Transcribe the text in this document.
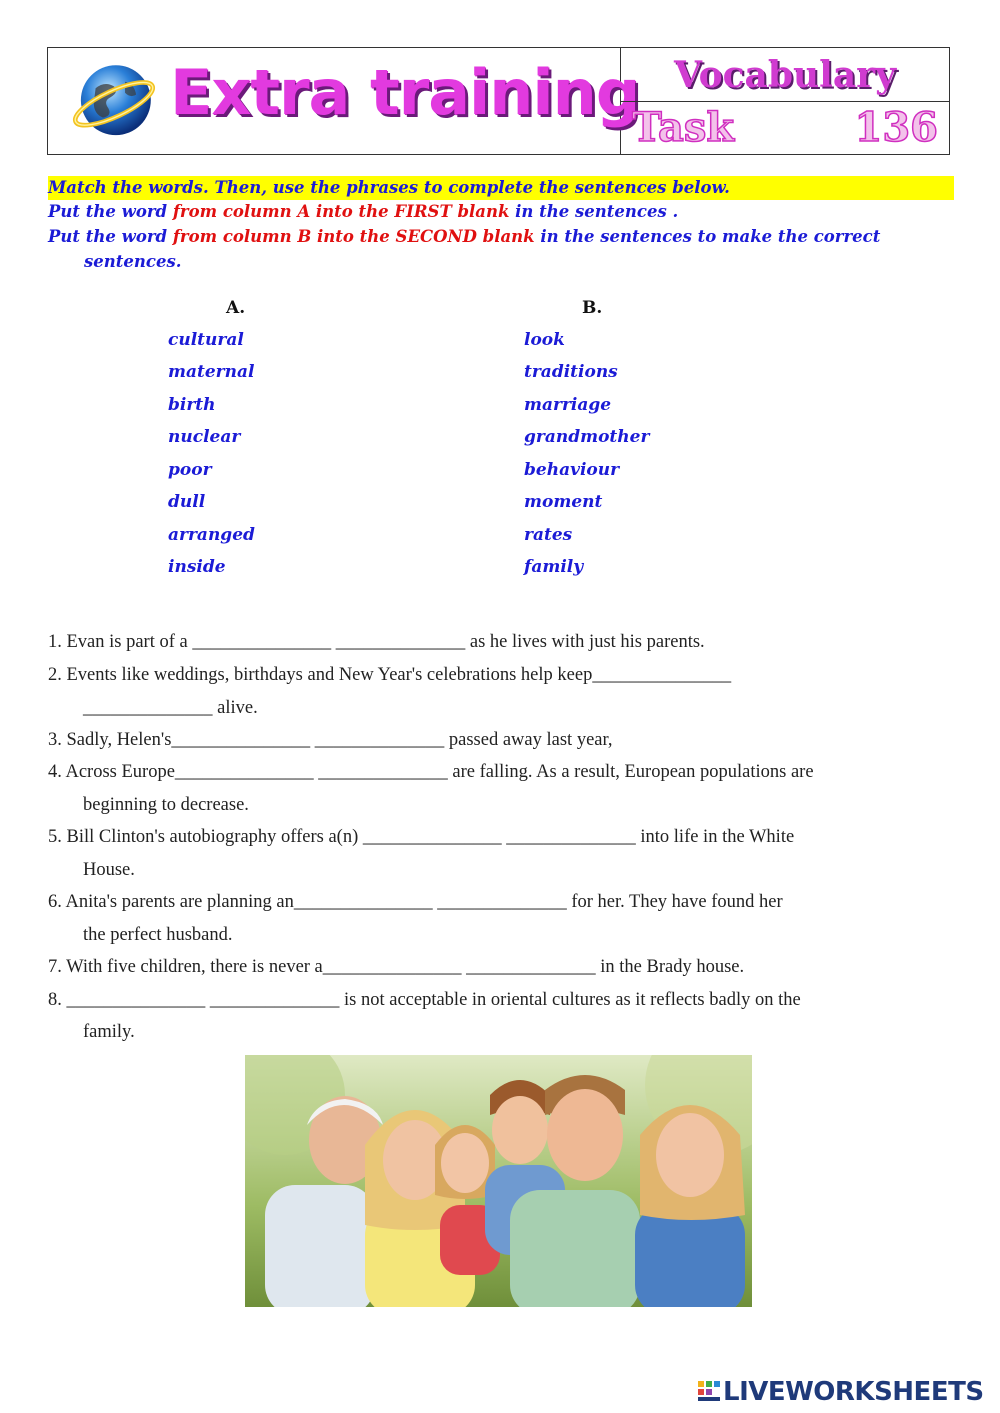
Extra training Vocabulary
Task	136
Match the words. Then, use the phrases to complete the sentences below.
Put the word from column A into the FIRST blank in the sentences .
Put the word from column B into the SECOND blank in the sentences to make the correct
sentences.
A.	B.
cultural
maternal
birth
nuclear
poor
dull
arranged
inside
look
traditions
marriage
grandmother
behaviour
moment
rates
family
1. Evan is part of a _______________ ______________ as he lives with just his parents.
2. Events like weddings, birthdays and New Year's celebrations help keep_______________
______________ alive.
3. Sadly, Helen's_______________ ______________ passed away last year,
4. Across Europe_______________ ______________ are falling. As a result, European populations are
beginning to decrease.
5. Bill Clinton's autobiography offers a(n) _______________ ______________ into life in the White
House.
6. Anita's parents are planning an_______________ ______________ for her. They have found her
the perfect husband.
7. With five children, there is never a_______________ ______________ in the Brady house.
8. _______________ ______________ is not acceptable in oriental cultures as it reflects badly on the
family.
LIVEWORKSHEETS
